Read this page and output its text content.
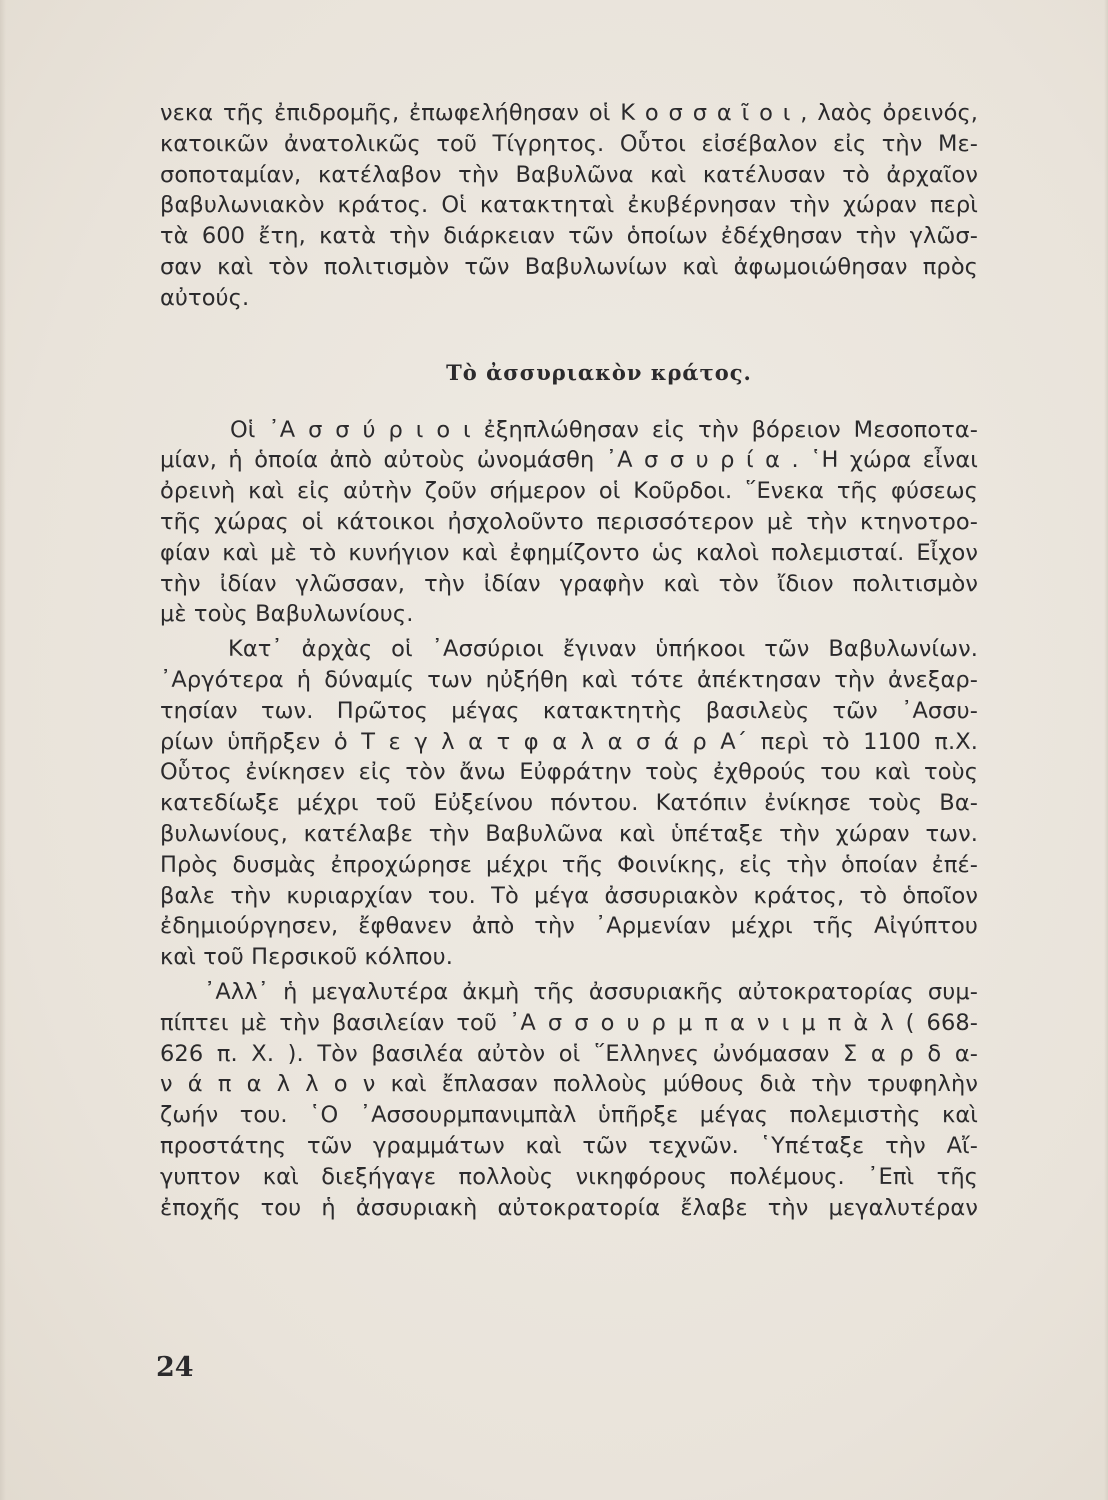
νεκα τῆς ἐπιδρομῆς, ἐπωφελήθησαν οἱ Κ ο σ σ α ῖ ο ι , λαὸς ὀρεινός,
κατοικῶν ἀνατολικῶς τοῦ Τίγρητος. Οὗτοι εἰσέβαλον εἰς τὴν Με-
σοποταμίαν, κατέλαβον τὴν Βαβυλῶνα καὶ κατέλυσαν τὸ ἀρχαῖον
βαβυλωνιακὸν κράτος. Οἱ κατακτηταὶ ἐκυβέρνησαν τὴν χώραν περὶ
τὰ 600 ἔτη, κατὰ τὴν διάρκειαν τῶν ὁποίων ἐδέχθησαν τὴν γλῶσ-
σαν καὶ τὸν πολιτισμὸν τῶν Βαβυλωνίων καὶ ἀφωμοιώθησαν πρὸς
αὐτούς.
Τὸ ἀσσυριακὸν κράτος.
Οἱ ᾿Α σ σ ύ ρ ι ο ι ἐξηπλώθησαν εἰς τὴν βόρειον Μεσοποτα-
μίαν, ἡ ὁποία ἀπὸ αὐτοὺς ὠνομάσθη ᾿Α σ σ υ ρ ί α . ῾Η χώρα εἶναι
ὀρεινὴ καὶ εἰς αὐτὴν ζοῦν σήμερον οἱ Κοῦρδοι. ῞Ενεκα τῆς φύσεως
τῆς χώρας οἱ κάτοικοι ἠσχολοῦντο περισσότερον μὲ τὴν κτηνοτρο-
φίαν καὶ μὲ τὸ κυνήγιον καὶ ἐφημίζοντο ὡς καλοὶ πολεμισταί. Εἶχον
τὴν ἰδίαν γλῶσσαν, τὴν ἰδίαν γραφὴν καὶ τὸν ἴδιον πολιτισμὸν
μὲ τοὺς Βαβυλωνίους.
Κατ᾿ ἀρχὰς οἱ ᾿Ασσύριοι ἔγιναν ὑπήκοοι τῶν Βαβυλωνίων.
᾿Αργότερα ἡ δύναμίς των ηὐξήθη καὶ τότε ἀπέκτησαν τὴν ἀνεξαρ-
τησίαν των. Πρῶτος μέγας κατακτητὴς βασιλεὺς τῶν ᾿Ασσυ-
ρίων ὑπῆρξεν ὁ Τ ε γ λ α τ φ α λ α σ ά ρ Α΄ περὶ τὸ 1100 π.Χ.
Οὗτος ἐνίκησεν εἰς τὸν ἄνω Εὐφράτην τοὺς ἐχθρούς του καὶ τοὺς
κατεδίωξε μέχρι τοῦ Εὐξείνου πόντου. Κατόπιν ἐνίκησε τοὺς Βα-
βυλωνίους, κατέλαβε τὴν Βαβυλῶνα καὶ ὑπέταξε τὴν χώραν των.
Πρὸς δυσμὰς ἐπροχώρησε μέχρι τῆς Φοινίκης, εἰς τὴν ὁποίαν ἐπέ-
βαλε τὴν κυριαρχίαν του. Τὸ μέγα ἀσσυριακὸν κράτος, τὸ ὁποῖον
ἐδημιούργησεν, ἔφθανεν ἀπὸ τὴν ᾿Αρμενίαν μέχρι τῆς Αἰγύπτου
καὶ τοῦ Περσικοῦ κόλπου.
᾿Αλλ᾿ ἡ μεγαλυτέρα ἀκμὴ τῆς ἀσσυριακῆς αὐτοκρατορίας συμ-
πίπτει μὲ τὴν βασιλείαν τοῦ ᾿Α σ σ ο υ ρ μ π α ν ι μ π ὰ λ ( 668-
626 π. Χ. ). Τὸν βασιλέα αὐτὸν οἱ ῞Ελληνες ὠνόμασαν Σ α ρ δ α-
ν ά π α λ λ ο ν καὶ ἔπλασαν πολλοὺς μύθους διὰ τὴν τρυφηλὴν
ζωήν του. ῾Ο ᾿Ασσουρμπανιμπὰλ ὑπῆρξε μέγας πολεμιστὴς καὶ
προστάτης τῶν γραμμάτων καὶ τῶν τεχνῶν. ῾Υπέταξε τὴν Αἴ-
γυπτον καὶ διεξήγαγε πολλοὺς νικηφόρους πολέμους. ᾿Επὶ τῆς
ἐποχῆς του ἡ ἀσσυριακὴ αὐτοκρατορία ἔλαβε τὴν μεγαλυτέραν
24
